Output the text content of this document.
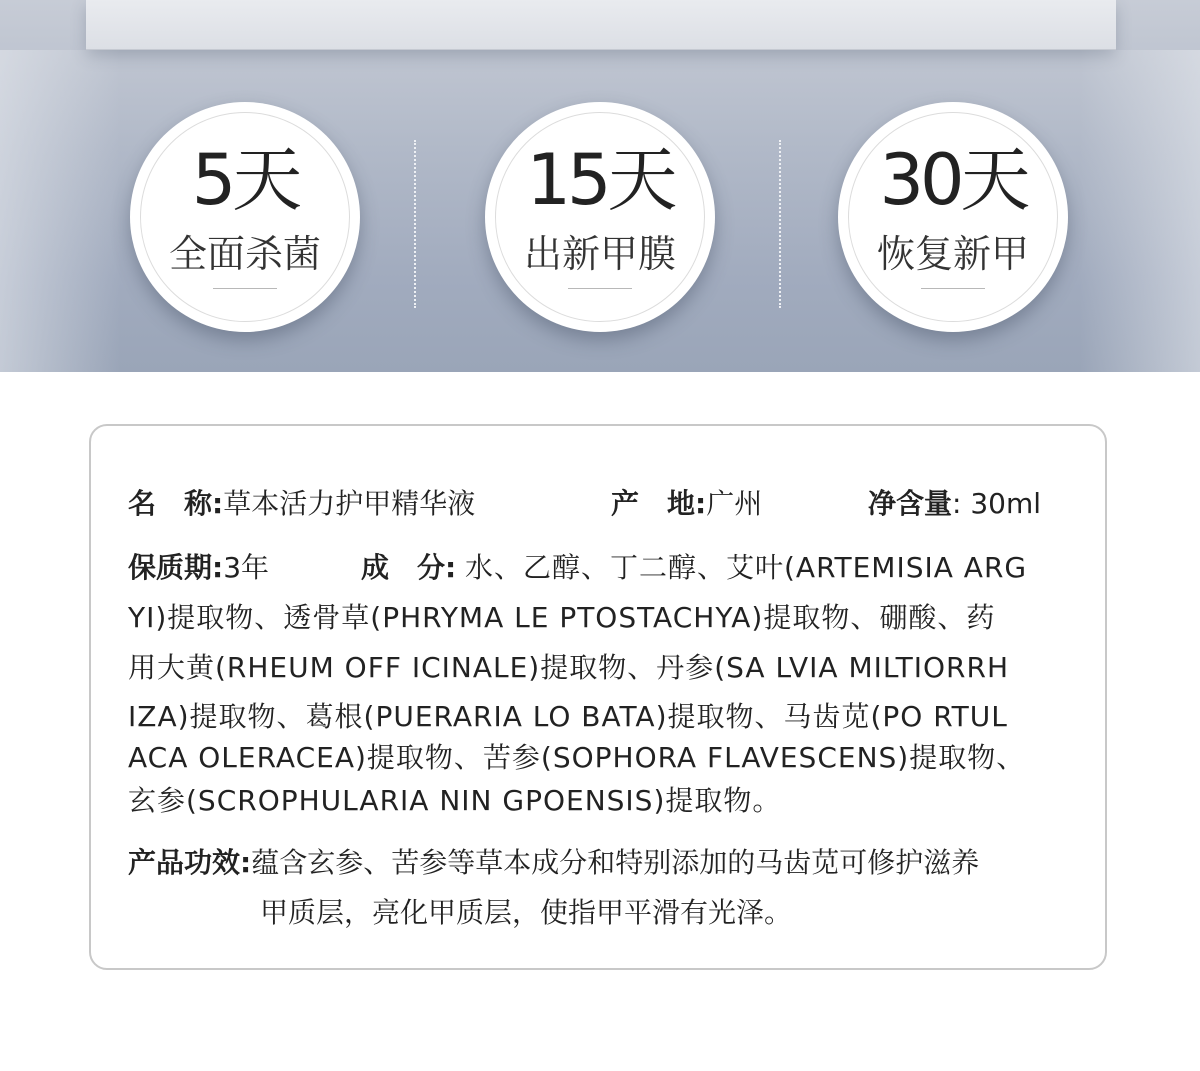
5天
全面杀菌
15天
出新甲膜
30天
恢复新甲
名　称:草本活力护甲精华液	产　地:广州	净含量: 30ml
保质期:3年	成　分: 水、乙醇、丁二醇、艾叶(ARTEMISIA ARG
YI)提取物、透骨草(PHRYMA LE PTOSTACHYA)提取物、硼酸、药
用大黄(RHEUM OFF ICINALE)提取物、丹参(SA LVIA MILTIORRH
IZA)提取物、葛根(PUERARIA LO BATA)提取物、马齿苋(PO RTUL
ACA OLERACEA)提取物、苦参(SOPHORA FLAVESCENS)提取物、
玄参(SCROPHULARIA NIN GPOENSIS)提取物。
产品功效:蕴含玄参、苦参等草本成分和特别添加的马齿苋可修护滋养
甲质层，亮化甲质层，使指甲平滑有光泽。
